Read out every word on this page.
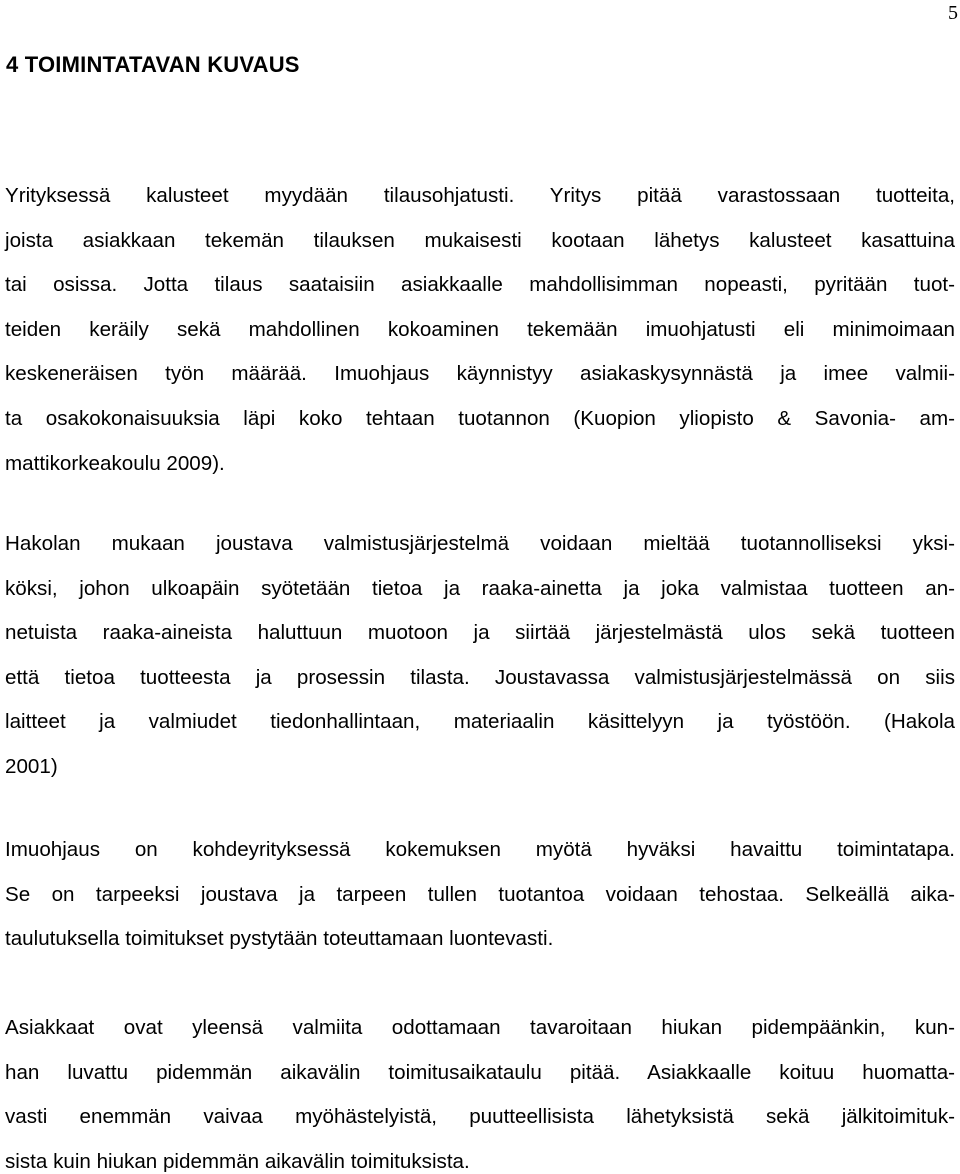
5
4 TOIMINTATAVAN KUVAUS
Yrityksessä kalusteet myydään tilausohjatusti. Yritys pitää varastossaan tuotteita,
joista asiakkaan tekemän tilauksen mukaisesti kootaan lähetys kalusteet kasattuina
tai osissa. Jotta tilaus saataisiin asiakkaalle mahdollisimman nopeasti, pyritään tuot-
teiden keräily sekä mahdollinen kokoaminen tekemään imuohjatusti eli minimoimaan
keskeneräisen työn määrää. Imuohjaus käynnistyy asiakaskysynnästä ja imee valmii-
ta osakokonaisuuksia läpi koko tehtaan tuotannon (Kuopion yliopisto & Savonia- am-
mattikorkeakoulu 2009).
Hakolan mukaan joustava valmistusjärjestelmä voidaan mieltää tuotannolliseksi yksi-
köksi, johon ulkoapäin syötetään tietoa ja raaka-ainetta ja joka valmistaa tuotteen an-
netuista raaka-aineista haluttuun muotoon ja siirtää järjestelmästä ulos sekä tuotteen
että tietoa tuotteesta ja prosessin tilasta. Joustavassa valmistusjärjestelmässä on siis
laitteet ja valmiudet tiedonhallintaan, materiaalin käsittelyyn ja työstöön. (Hakola
2001)
Imuohjaus on kohdeyrityksessä kokemuksen myötä hyväksi havaittu toimintatapa.
Se on tarpeeksi joustava ja tarpeen tullen tuotantoa voidaan tehostaa. Selkeällä aika-
taulutuksella toimitukset pystytään toteuttamaan luontevasti.
Asiakkaat ovat yleensä valmiita odottamaan tavaroitaan hiukan pidempäänkin, kun-
han luvattu pidemmän aikavälin toimitusaikataulu pitää. Asiakkaalle koituu huomatta-
vasti enemmän vaivaa myöhästelyistä, puutteellisista lähetyksistä sekä jälkitoimituk-
sista kuin hiukan pidemmän aikavälin toimituksista.
